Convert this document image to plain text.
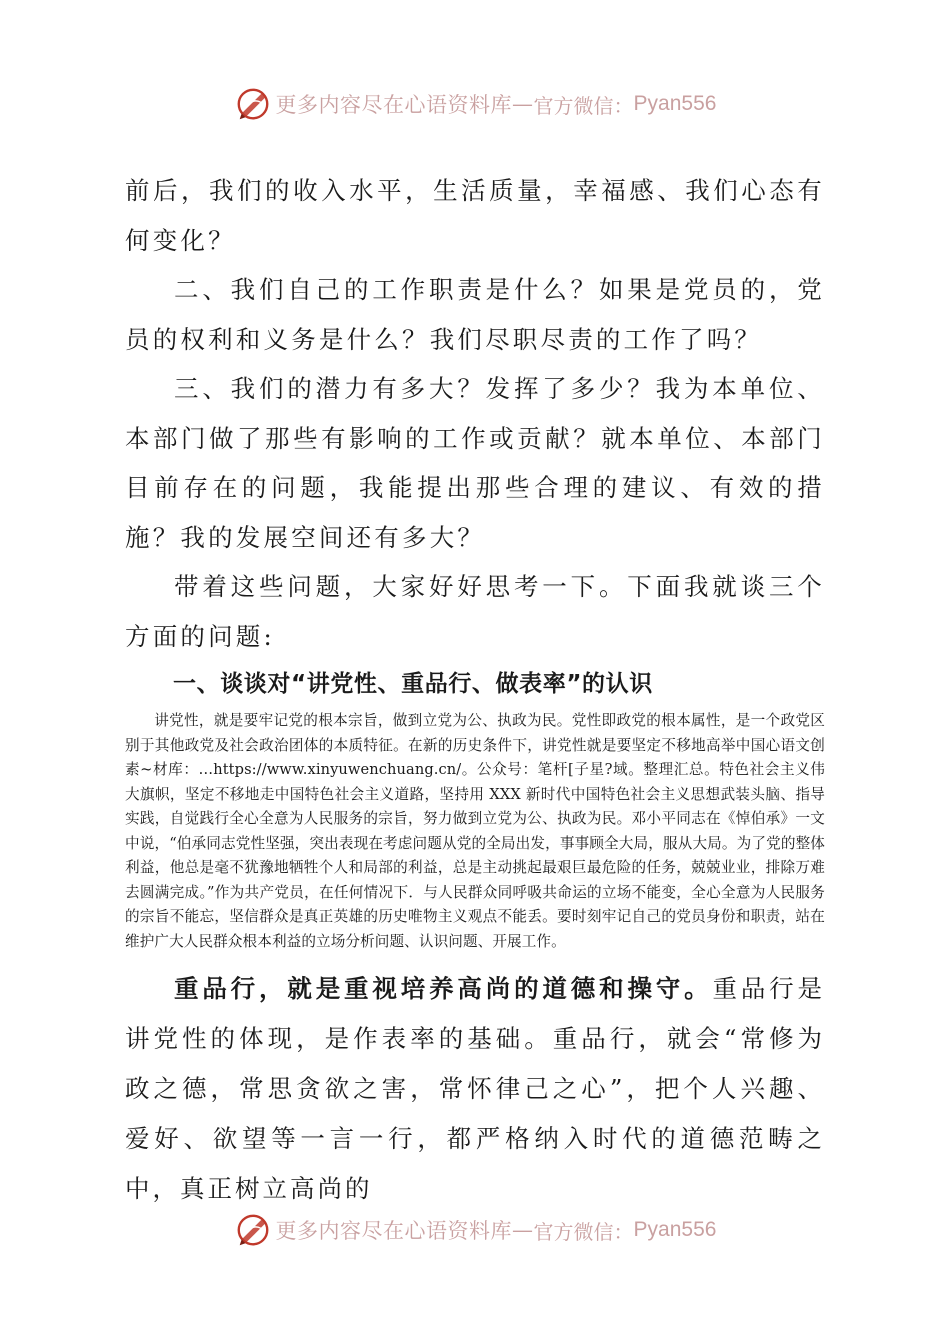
更多内容尽在心语资料库 — 官方微信： Pyan556

前后，我们的收入水平，生活质量，幸福感、我们心态有何变化？

二、我们自己的工作职责是什么？如果是党员的，党员的权利和义务是什么？我们尽职尽责的工作了吗？

三、我们的潜力有多大？发挥了多少？我为本单位、本部门做了那些有影响的工作或贡献？就本单位、本部门目前存在的问题，我能提出那些合理的建议、有效的措施？我的发展空间还有多大？

带着这些问题，大家好好思考一下。下面我就谈三个方面的问题:

一、谈谈对“讲党性、重品行、做表率”的认识

讲党性，就是要牢记党的根本宗旨，做到立党为公、执政为民。党性即政党的根本属性，是一个政党区别于其他政党及社会政治团体的本质特征。在新的历史条件下，讲党性就是要坚定不移地高举中国心语文创素~材库：…https://www.xinyuwenchuang.cn/。公众号：笔杆[子星?域。整理汇总。特色社会主义伟大旗帜，坚定不移地走中国特色社会主义道路，坚持用 XXX 新时代中国特色社会主义思想武装头脑、指导实践，自觉践行全心全意为人民服务的宗旨，努力做到立党为公、执政为民。邓小平同志在《悼伯承》一文中说，“伯承同志党性坚强，突出表现在考虑问题从党的全局出发，事事顾全大局，服从大局。为了党的整体利益，他总是毫不犹豫地牺牲个人和局部的利益，总是主动挑起最艰巨最危险的任务，兢兢业业，排除万难去圆满完成。”作为共产党员，在任何情况下．与人民群众同呼吸共命运的立场不能变，全心全意为人民服务的宗旨不能忘，坚信群众是真正英雄的历史唯物主义观点不能丢。要时刻牢记自己的党员身份和职责，站在维护广大人民群众根本利益的立场分析问题、认识问题、开展工作。

重品行，就是重视培养高尚的道德和操守。重品行是讲党性的体现，是作表率的基础。重品行，就会“常修为政之德，常思贪欲之害，常怀律己之心”，把个人兴趣、爱好、欲望等一言一行，都严格纳入时代的道德范畴之中，真正树立高尚的

更多内容尽在心语资料库 — 官方微信： Pyan556
